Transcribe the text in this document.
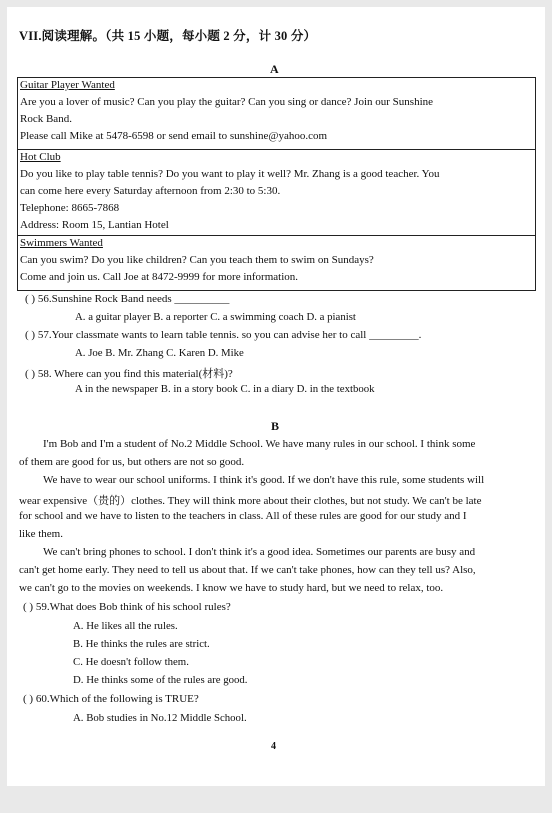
VII.阅读理解。（共 15 小题，每小题 2 分，计 30 分）
A
Guitar Player Wanted
Are you a lover of music? Can you play the guitar? Can you sing or dance? Join our Sunshine
Rock Band.
Please call Mike at 5478-6598 or send email to sunshine@yahoo.com
Hot Club
Do you like to play table tennis? Do you want to play it well? Mr. Zhang is a good teacher. You
can come here every Saturday afternoon from 2:30 to 5:30.
Telephone: 8665-7868
Address: Room 15, Lantian Hotel
Swimmers Wanted
Can you swim? Do you like children? Can you teach them to swim on Sundays?
Come and join us. Call Joe at 8472-9999 for more information.
( ) 56.Sunshine Rock Band needs __________
A. a guitar player B. a reporter C. a swimming coach D. a pianist
( ) 57.Your classmate wants to learn table tennis. so you can advise her to call _________.
A. Joe B. Mr. Zhang C. Karen D. Mike
( ) 58. Where can you find this material(材料)?
A in the newspaper B. in a story book C. in a diary D. in the textbook
B
I'm Bob and I'm a student of No.2 Middle School. We have many rules in our school. I think some
of them are good for us, but others are not so good.
We have to wear our school uniforms. I think it's good. If we don't have this rule, some students will
wear expensive（贵的）clothes. They will think more about their clothes, but not study. We can't be late
for school and we have to listen to the teachers in class. All of these rules are good for our study and I
like them.
We can't bring phones to school. I don't think it's a good idea. Sometimes our parents are busy and
can't get home early. They need to tell us about that. If we can't take phones, how can they tell us? Also,
we can't go to the movies on weekends. I know we have to study hard, but we need to relax, too.
( ) 59.What does Bob think of his school rules?
A. He likes all the rules.
B. He thinks the rules are strict.
C. He doesn't follow them.
D. He thinks some of the rules are good.
( ) 60.Which of the following is TRUE?
A. Bob studies in No.12 Middle School.
4
